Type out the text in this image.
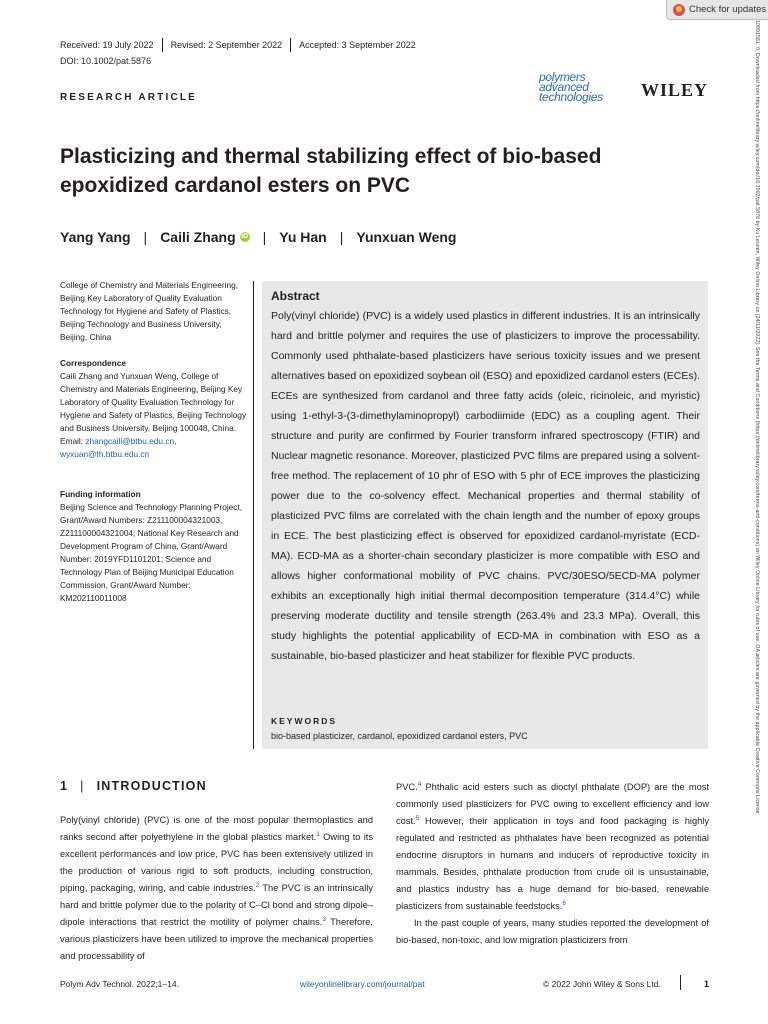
Check for updates
Received: 19 July 2022	Revised: 2 September 2022	Accepted: 3 September 2022
DOI: 10.1002/pat.5876
RESEARCH ARTICLE
polymers
advanced
technologies	WILEY
Plasticizing and thermal stabilizing effect of bio-based epoxidized cardanol esters on PVC
Yang Yang | Caili Zhang iD | Yu Han | Yunxuan Weng
College of Chemistry and Materials Engineering, Beijing Key Laboratory of Quality Evaluation Technology for Hygiene and Safety of Plastics, Beijing Technology and Business University, Beijing, China
Correspondence
Caili Zhang and Yunxuan Weng, College of Chemistry and Materials Engineering, Beijing Key Laboratory of Quality Evaluation Technology for Hygiene and Safety of Plastics, Beijing Technology and Business University, Beijing 100048, China.
Email: zhangcaili@btbu.edu.cn, wyxuan@th.btbu.edu.cn
Funding information
Beijing Science and Technology Planning Project, Grant/Award Numbers: Z211100004321003, Z211100004321004; National Key Research and Development Program of China, Grant/Award Number: 2019YFD1101201; Science and Technology Plan of Beijing Municipal Education Commission, Grant/Award Number: KM202110011008
Abstract
Poly(vinyl chloride) (PVC) is a widely used plastics in different industries. It is an intrinsically hard and brittle polymer and requires the use of plasticizers to improve the processability. Commonly used phthalate-based plasticizers have serious toxicity issues and we present alternatives based on epoxidized soybean oil (ESO) and epoxidized cardanol esters (ECEs). ECEs are synthesized from cardanol and three fatty acids (oleic, ricinoleic, and myristic) using 1-ethyl-3-(3-dimethylaminopropyl) carbodiimide (EDC) as a coupling agent. Their structure and purity are confirmed by Fourier transform infrared spectroscopy (FTIR) and Nuclear magnetic resonance. Moreover, plasticized PVC films are prepared using a solvent-free method. The replacement of 10 phr of ESO with 5 phr of ECE improves the plasticizing power due to the co-solvency effect. Mechanical properties and thermal stability of plasticized PVC films are correlated with the chain length and the number of epoxy groups in ECE. The best plasticizing effect is observed for epoxidized cardanol-myristate (ECD-MA). ECD-MA as a shorter-chain secondary plasticizer is more compatible with ESO and allows higher conformational mobility of PVC chains. PVC/30ESO/5ECD-MA polymer exhibits an exceptionally high initial thermal decomposition temperature (314.4°C) while preserving moderate ductility and tensile strength (263.4% and 23.3 MPa). Overall, this study highlights the potential applicability of ECD-MA in combination with ESO as a sustainable, bio-based plasticizer and heat stabilizer for flexible PVC products.
KEYWORDS
bio-based plasticizer, cardanol, epoxidized cardanol esters, PVC
1 | INTRODUCTION

Poly(vinyl chloride) (PVC) is one of the most popular thermoplastics and ranks second after polyethylene in the global plastics market.$^1$ Owing to its excellent performances and low price, PVC has been extensively utilized in the production of various rigid to soft products, including construction, piping, packaging, wiring, and cable industries.$^2$ The PVC is an intrinsically hard and brittle polymer due to the polarity of C–Cl bond and strong dipole–dipole interactions that restrict the motility of polymer chains.$^3$ Therefore, various plasticizers have been utilized to improve the mechanical properties and processability of

PVC.$^4$ Phthalic acid esters such as dioctyl phthalate (DOP) are the most commonly used plasticizers for PVC owing to excellent efficiency and low cost.$^5$ However, their application in toys and food packaging is highly regulated and restricted as phthalates have been recognized as potential endocrine disruptors in humans and inducers of reproductive toxicity in mammals. Besides, phthalate production from crude oil is unsustainable, and plastics industry has a huge demand for bio-based, renewable plasticizers from sustainable feedstocks.$^6$

In the past couple of years, many studies reported the development of bio-based, non-toxic, and low migration plasticizers from

Polym Adv Technol. 2022;1–14.	wileyonlinelibrary.com/journal/pat	© 2022 John Wiley & Sons Ltd.	1
10991581, 0, Downloaded from https://onlinelibrary.wiley.com/doi/10.1002/pat.5876 by Ku Leuven, Wiley Online Library on [24/11/2022]. See the Terms and Conditions (https://onlinelibrary.wiley.com/terms-and-conditions) on Wiley Online Library for rules of use; OA articles are governed by the applicable Creative Commons License
